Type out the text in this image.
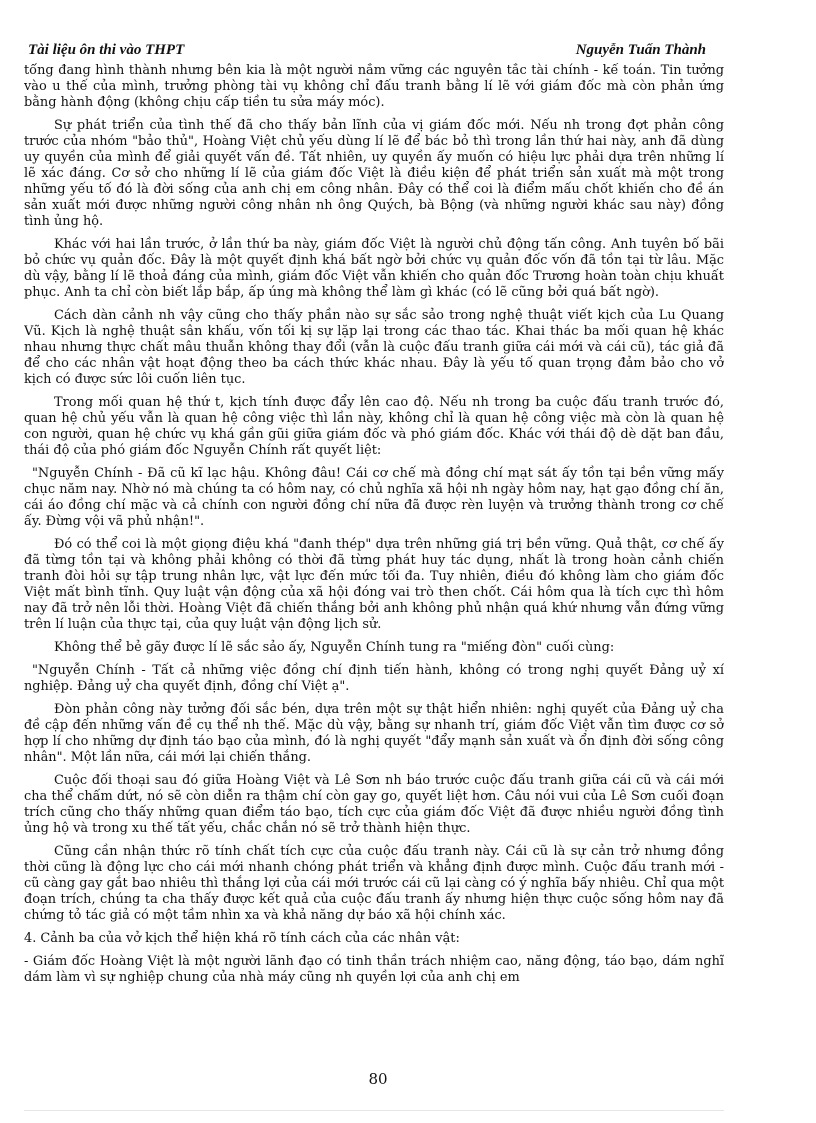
Tài liệu ôn thi vào THPT	Nguyễn Tuấn Thành

tổng đang hình thành nhưng bên kia là một người nắm vững các nguyên tắc tài chính - kế toán. Tin tưởng vào u thế của mình, trưởng phòng tài vụ không chỉ đấu tranh bằng lí lẽ với giám đốc mà còn phản ứng bằng hành động (không chịu cấp tiền tu sửa máy móc).

Sự phát triển của tình thế đã cho thấy bản lĩnh của vị giám đốc mới. Nếu nh trong đợt phản công trước của nhóm "bảo thủ", Hoàng Việt chủ yếu dùng lí lẽ để bác bỏ thì trong lần thứ hai này, anh đã dùng uy quyền của mình để giải quyết vấn đề. Tất nhiên, uy quyền ấy muốn có hiệu lực phải dựa trên những lí lẽ xác đáng. Cơ sở cho những lí lẽ của giám đốc Việt là điều kiện để phát triển sản xuất mà một trong những yếu tố đó là đời sống của anh chị em công nhân. Đây có thể coi là điểm mấu chốt khiến cho đề án sản xuất mới được những người công nhân nh ông Quých, bà Bộng (và những người khác sau này) đồng tình ủng hộ.

Khác với hai lần trước, ở lần thứ ba này, giám đốc Việt là người chủ động tấn công. Anh tuyên bố bãi bỏ chức vụ quản đốc. Đây là một quyết định khá bất ngờ bởi chức vụ quản đốc vốn đã tồn tại từ lâu. Mặc dù vậy, bằng lí lẽ thoả đáng của mình, giám đốc Việt vẫn khiến cho quản đốc Trương hoàn toàn chịu khuất phục. Anh ta chỉ còn biết lắp bắp, ấp úng mà không thể làm gì khác (có lẽ cũng bởi quá bất ngờ).

Cách dàn cảnh nh vậy cũng cho thấy phần nào sự sắc sảo trong nghệ thuật viết kịch của Lu Quang Vũ. Kịch là nghệ thuật sân khấu, vốn tối kị sự lặp lại trong các thao tác. Khai thác ba mối quan hệ khác nhau nhưng thực chất mâu thuẫn không thay đổi (vẫn là cuộc đấu tranh giữa cái mới và cái cũ), tác giả đã để cho các nhân vật hoạt động theo ba cách thức khác nhau. Đây là yếu tố quan trọng đảm bảo cho vở kịch có được sức lôi cuốn liên tục.

Trong mối quan hệ thứ t, kịch tính được đẩy lên cao độ. Nếu nh trong ba cuộc đấu tranh trước đó, quan hệ chủ yếu vẫn là quan hệ công việc thì lần này, không chỉ là quan hệ công việc mà còn là quan hệ con người, quan hệ chức vụ khá gần gũi giữa giám đốc và phó giám đốc. Khác với thái độ dè dặt ban đầu, thái độ của phó giám đốc Nguyễn Chính rất quyết liệt:

"Nguyễn Chính - Đã cũ kĩ lạc hậu. Không đâu! Cái cơ chế mà đồng chí mạt sát ấy tồn tại bền vững mấy chục năm nay. Nhờ nó mà chúng ta có hôm nay, có chủ nghĩa xã hội nh ngày hôm nay, hạt gạo đồng chí ăn, cái áo đồng chí mặc và cả chính con người đồng chí nữa đã được rèn luyện và trưởng thành trong cơ chế ấy. Đừng vội vã phủ nhận!".

Đó có thể coi là một giọng điệu khá "đanh thép" dựa trên những giá trị bền vững. Quả thật, cơ chế ấy đã từng tồn tại và không phải không có thời đã từng phát huy tác dụng, nhất là trong hoàn cảnh chiến tranh đòi hỏi sự tập trung nhân lực, vật lực đến mức tối đa. Tuy nhiên, điều đó không làm cho giám đốc Việt mất bình tĩnh. Quy luật vận động của xã hội đóng vai trò then chốt. Cái hôm qua là tích cực thì hôm nay đã trở nên lỗi thời. Hoàng Việt đã chiến thắng bởi anh không phủ nhận quá khứ nhưng vẫn đứng vững trên lí luận của thực tại, của quy luật vận động lịch sử.

Không thể bẻ gãy được lí lẽ sắc sảo ấy, Nguyễn Chính tung ra "miếng đòn" cuối cùng:

"Nguyễn Chính - Tất cả những việc đồng chí định tiến hành, không có trong nghị quyết Đảng uỷ xí nghiệp. Đảng uỷ cha quyết định, đồng chí Việt ạ".

Đòn phản công này tưởng đối sắc bén, dựa trên một sự thật hiển nhiên: nghị quyết của Đảng uỷ cha đề cập đến những vấn đề cụ thể nh thế. Mặc dù vậy, bằng sự nhanh trí, giám đốc Việt vẫn tìm được cơ sở hợp lí cho những dự định táo bạo của mình, đó là nghị quyết "đẩy mạnh sản xuất và ổn định đời sống công nhân". Một lần nữa, cái mới lại chiến thắng.

Cuộc đối thoại sau đó giữa Hoàng Việt và Lê Sơn nh báo trước cuộc đấu tranh giữa cái cũ và cái mới cha thể chấm dứt, nó sẽ còn diễn ra thậm chí còn gay go, quyết liệt hơn. Câu nói vui của Lê Sơn cuối đoạn trích cũng cho thấy những quan điểm táo bạo, tích cực của giám đốc Việt đã được nhiều người đồng tình ủng hộ và trong xu thế tất yếu, chắc chắn nó sẽ trở thành hiện thực.

Cũng cần nhận thức rõ tính chất tích cực của cuộc đấu tranh này. Cái cũ là sự cản trở nhưng đồng thời cũng là động lực cho cái mới nhanh chóng phát triển và khẳng định được mình. Cuộc đấu tranh mới - cũ càng gay gắt bao nhiêu thì thắng lợi của cái mới trước cái cũ lại càng có ý nghĩa bấy nhiêu. Chỉ qua một đoạn trích, chúng ta cha thấy được kết quả của cuộc đấu tranh ấy nhưng hiện thực cuộc sống hôm nay đã chứng tỏ tác giả có một tầm nhìn xa và khả năng dự báo xã hội chính xác.

4. Cảnh ba của vở kịch thể hiện khá rõ tính cách của các nhân vật:

- Giám đốc Hoàng Việt là một người lãnh đạo có tinh thần trách nhiệm cao, năng động, táo bạo, dám nghĩ dám làm vì sự nghiệp chung của nhà máy cũng nh quyền lợi của anh chị em

80
